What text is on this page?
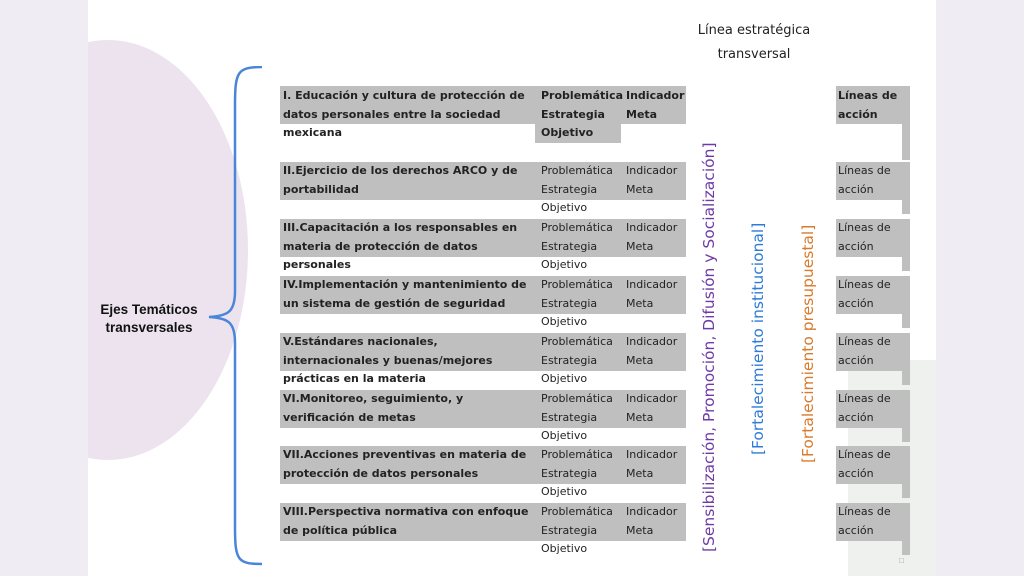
Ejes Temáticos
transversales
Línea estratégica
transversal
I. Educación y cultura de protección de datos personales entre la sociedad mexicana
Problemática
Estrategia
Objetivo
Indicador
Meta
II.Ejercicio de los derechos ARCO y de portabilidad
Problemática
Estrategia
Objetivo
Indicador
Meta
III.Capacitación a los responsables en materia de protección de datos personales
Problemática
Estrategia
Objetivo
Indicador
Meta
IV.Implementación y mantenimiento de un sistema de gestión de seguridad
Problemática
Estrategia
Objetivo
Indicador
Meta
V.Estándares nacionales, internacionales y buenas/mejores prácticas en la materia
Problemática
Estrategia
Objetivo
Indicador
Meta
VI.Monitoreo, seguimiento, y verificación de metas
Problemática
Estrategia
Objetivo
Indicador
Meta
VII.Acciones preventivas en materia de protección de datos personales
Problemática
Estrategia
Objetivo
Indicador
Meta
VIII.Perspectiva normativa con enfoque de política pública
Problemática
Estrategia
Objetivo
Indicador
Meta
Líneas de acción
Líneas de acción
Líneas de acción
Líneas de acción
Líneas de acción
Líneas de acción
Líneas de acción
Líneas de acción
[Sensibilización, Promoción, Difusión y Socialización] [Fortalecimiento institucional] [Fortalecimiento presupuestal]
□
